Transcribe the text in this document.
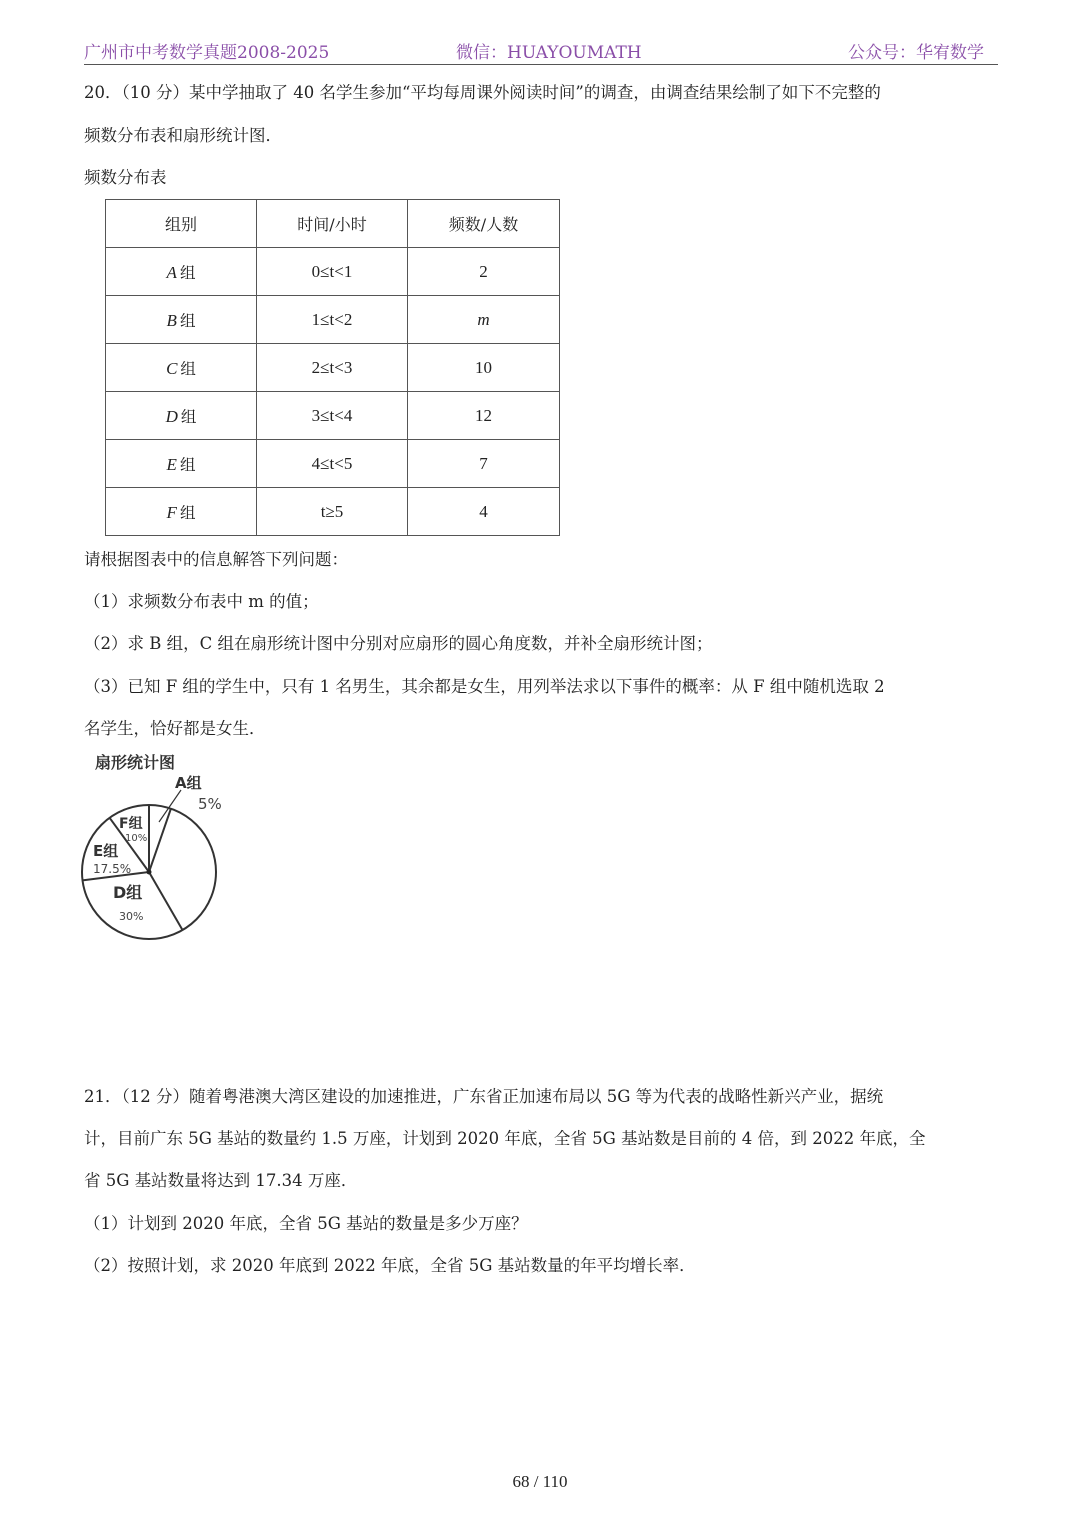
广州市中考数学真题2008-2025	微信：HUAYOUMATH	公众号：华宥数学
20．（10 分）某中学抽取了 40 名学生参加“平均每周课外阅读时间”的调查，由调查结果绘制了如下不完整的
频数分布表和扇形统计图．
频数分布表
组别	时间/小时	频数/人数
A 组	0≤t<1	2
B 组	1≤t<2	m
C 组	2≤t<3	10
D 组	3≤t<4	12
E 组	4≤t<5	7
F 组	t≥5	4
请根据图表中的信息解答下列问题：
（1）求频数分布表中 m 的值；
（2）求 B 组，C 组在扇形统计图中分别对应扇形的圆心角度数，并补全扇形统计图；
（3）已知 F 组的学生中，只有 1 名男生，其余都是女生，用列举法求以下事件的概率：从 F 组中随机选取 2
名学生，恰好都是女生．
扇形统计图
A组
5%
F组
10%
E组
17.5%
D组
30%
21．（12 分）随着粤港澳大湾区建设的加速推进，广东省正加速布局以 5G 等为代表的战略性新兴产业，据统
计，目前广东 5G 基站的数量约 1.5 万座，计划到 2020 年底，全省 5G 基站数是目前的 4 倍，到 2022 年底，全
省 5G 基站数量将达到 17.34 万座．
（1）计划到 2020 年底，全省 5G 基站的数量是多少万座？
（2）按照计划，求 2020 年底到 2022 年底，全省 5G 基站数量的年平均增长率．
68 / 110
